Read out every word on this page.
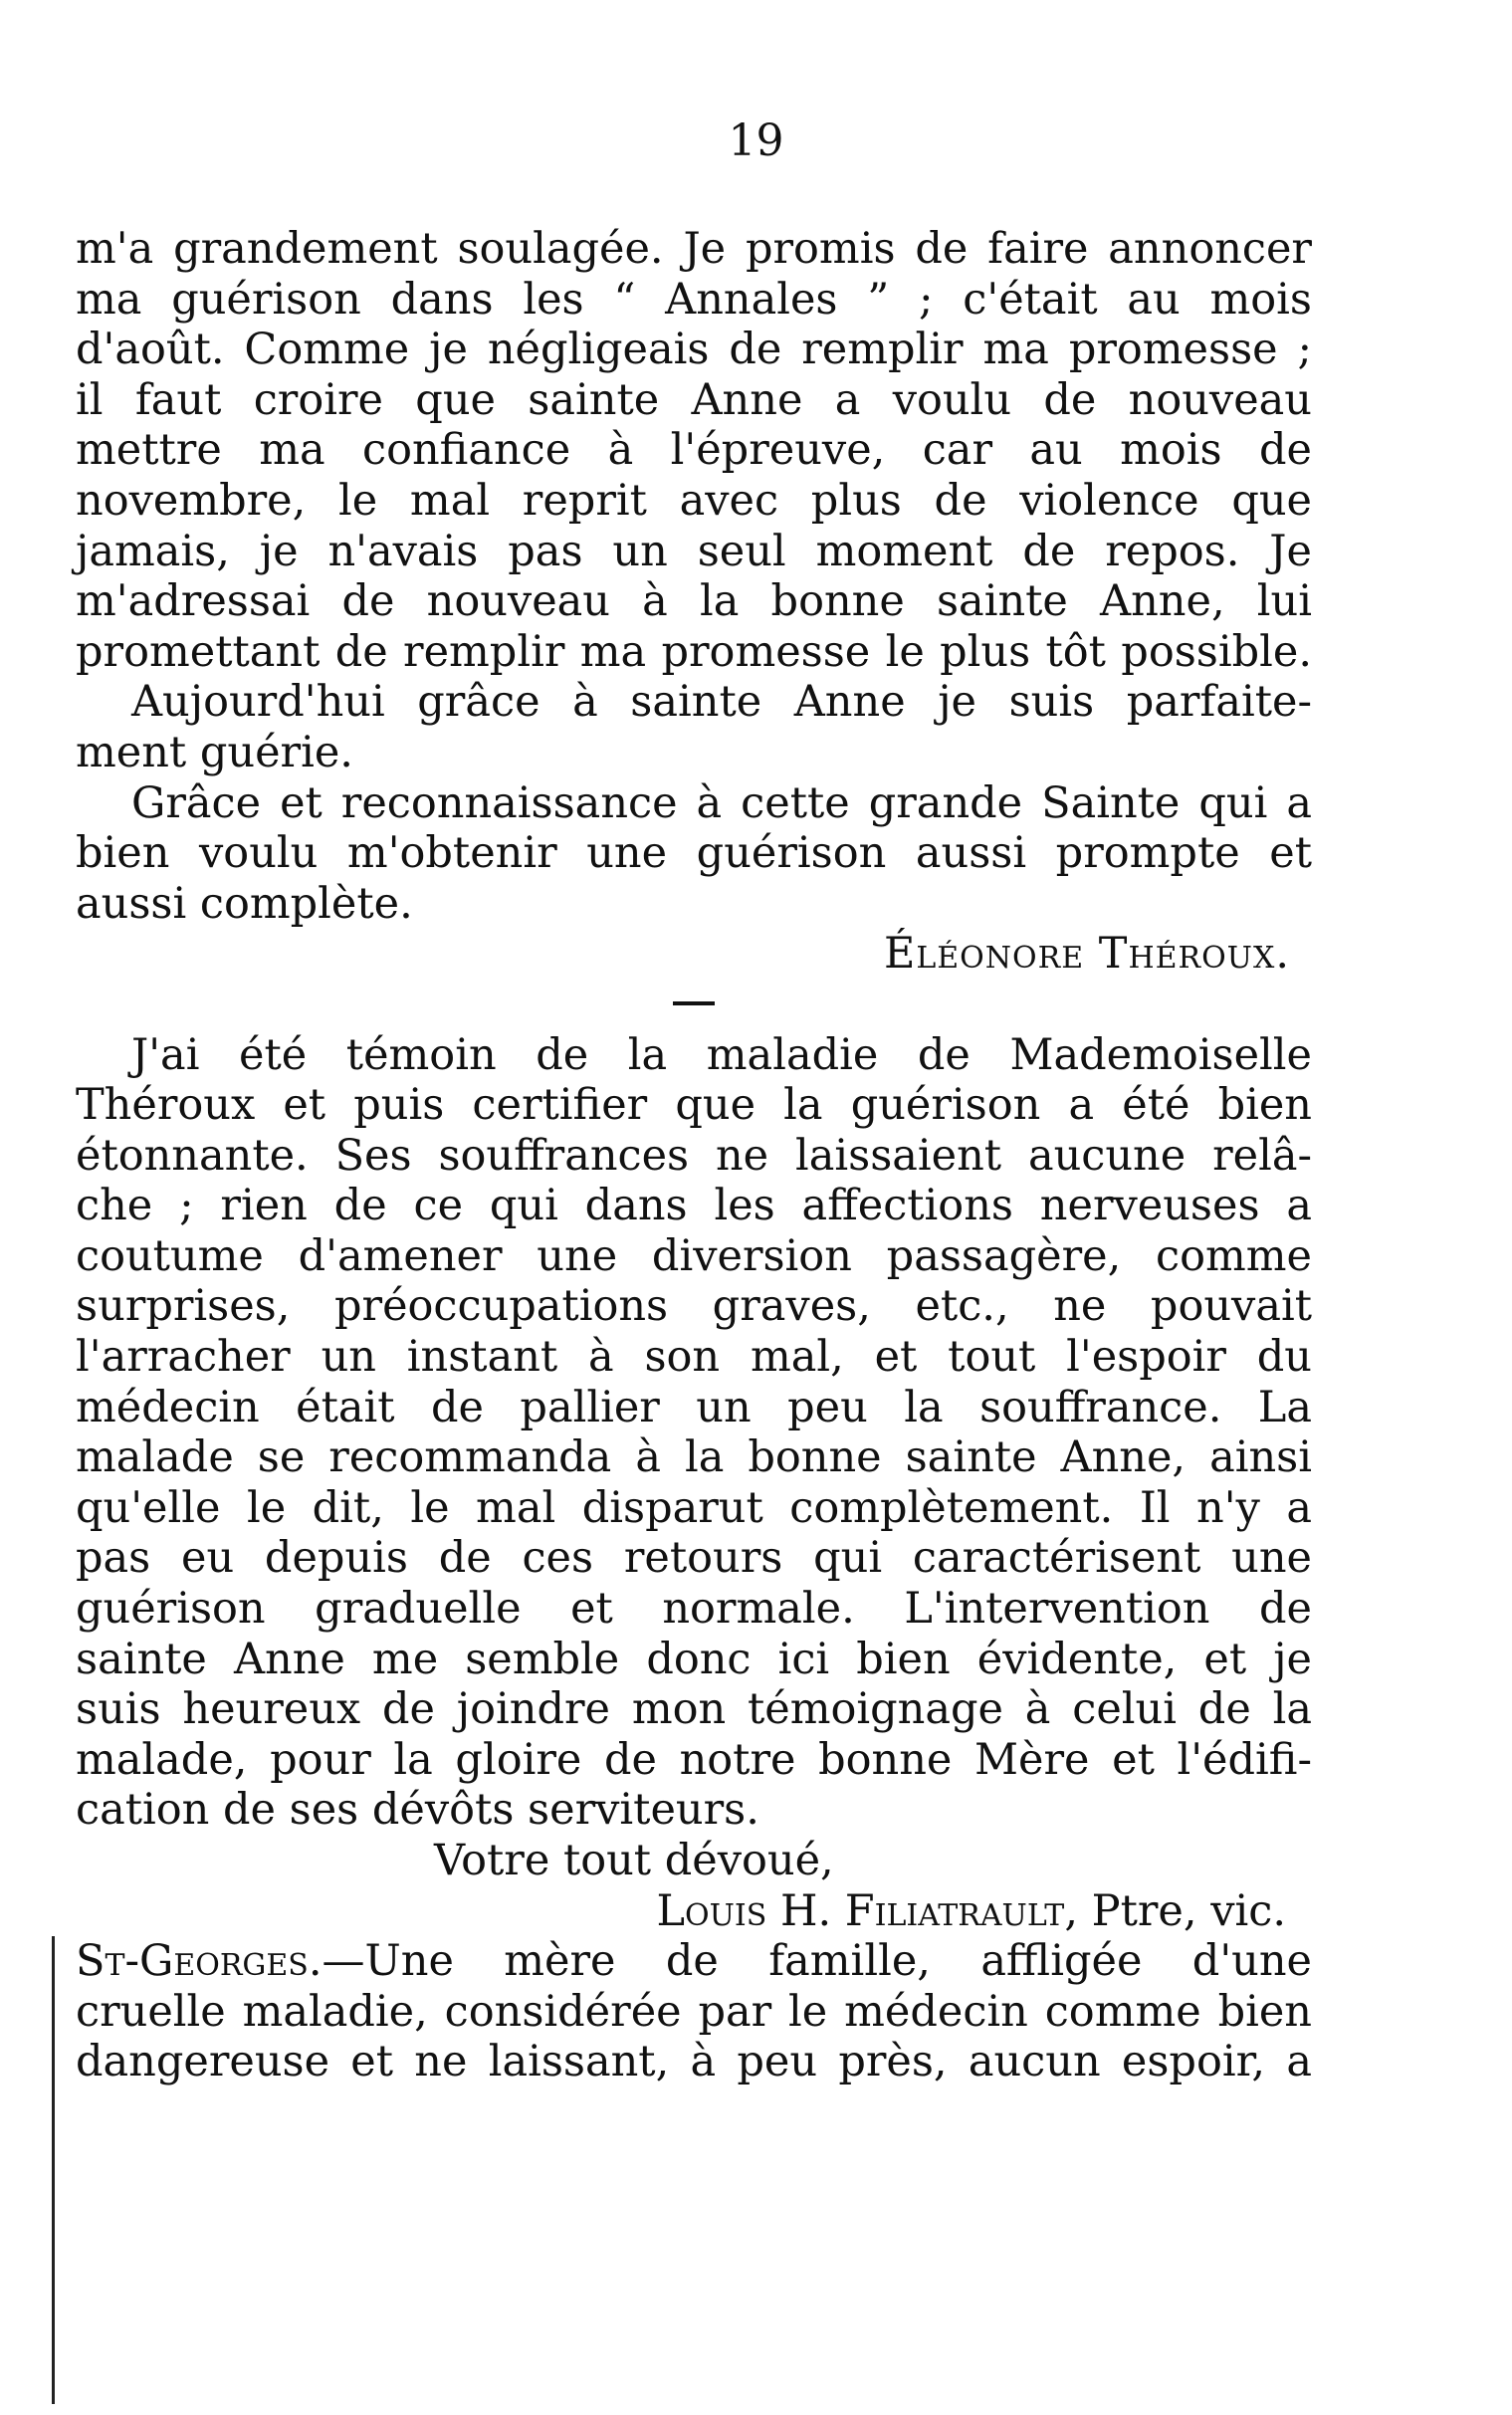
19
m'a grandement soulagée. Je promis de faire annoncer
ma guérison dans les “ Annales ” ; c'était au mois
d'août. Comme je négligeais de remplir ma promesse ;
il faut croire que sainte Anne a voulu de nouveau
mettre ma confiance à l'épreuve, car au mois de
novembre, le mal reprit avec plus de violence que
jamais, je n'avais pas un seul moment de repos. Je
m'adressai de nouveau à la bonne sainte Anne, lui
promettant de remplir ma promesse le plus tôt possible.
Aujourd'hui grâce à sainte Anne je suis parfaite-
ment guérie.
Grâce et reconnaissance à cette grande Sainte qui a
bien voulu m'obtenir une guérison aussi prompte et
aussi complète.
Éléonore Théroux.
J'ai été témoin de la maladie de Mademoiselle
Théroux et puis certifier que la guérison a été bien
étonnante. Ses souffrances ne laissaient aucune relâ-
che ; rien de ce qui dans les affections nerveuses a
coutume d'amener une diversion passagère, comme
surprises, préoccupations graves, etc., ne pouvait
l'arracher un instant à son mal, et tout l'espoir du
médecin était de pallier un peu la souffrance. La
malade se recommanda à la bonne sainte Anne, ainsi
qu'elle le dit, le mal disparut complètement. Il n'y a
pas eu depuis de ces retours qui caractérisent une
guérison graduelle et normale. L'intervention de
sainte Anne me semble donc ici bien évidente, et je
suis heureux de joindre mon témoignage à celui de la
malade, pour la gloire de notre bonne Mère et l'édifi-
cation de ses dévôts serviteurs.
Votre tout dévoué,
Louis H. Filiatrault, Ptre, vic.
St-Georges.—Une mère de famille, affligée d'une
cruelle maladie, considérée par le médecin comme bien
dangereuse et ne laissant, à peu près, aucun espoir, a
